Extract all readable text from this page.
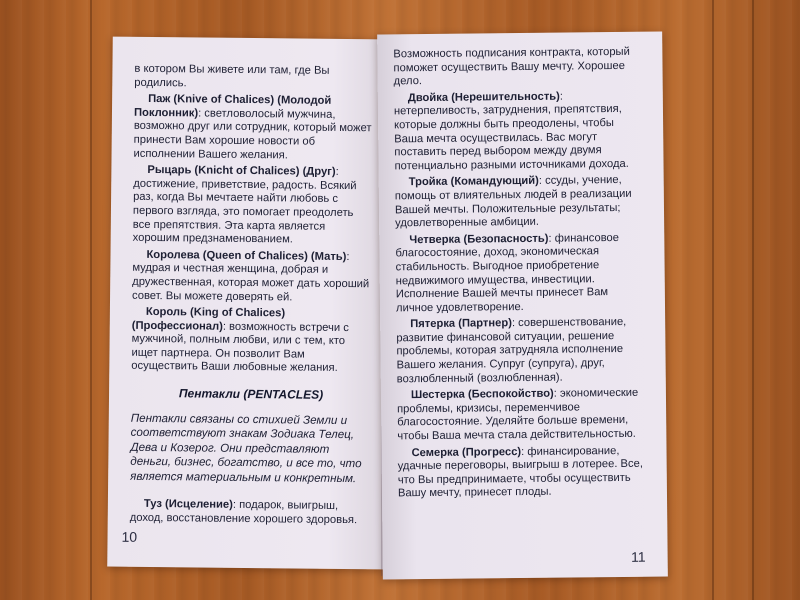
в котором Вы живете или там, где Вы родились.

Паж (Knive of Chalices) (Молодой Поклонник): светловолосый мужчина, возможно друг или сотрудник, который может принести Вам хорошие новости об исполнении Вашего желания.

Рыцарь (Knicht of Chalices) (Друг): достижение, приветствие, радость. Всякий раз, когда Вы мечтаете найти любовь с первого взгляда, это помогает преодолеть все препятствия. Эта карта является хорошим предзнаменованием.

Королева (Queen of Chalices) (Мать): мудрая и честная женщина, добрая и дружественная, которая может дать хороший совет. Вы можете доверять ей.

Король (King of Chalices) (Профессионал): возможность встречи с мужчиной, полным любви, или с тем, кто ищет партнера. Он позволит Вам осуществить Ваши любовные желания.

Пентакли (PENTACLES)

Пентакли связаны со стихией Земли и соответствуют знакам Зодиака Телец, Дева и Козерог. Они представляют деньги, бизнес, богатство, и все то, что является материальным и конкретным.

Туз (Исцеление): подарок, выигрыш, доход, восстановление хорошего здоровья.

10

Возможность подписания контракта, который поможет осуществить Вашу мечту. Хорошее дело.

Двойка (Нерешительность): нетерпеливость, затруднения, препятствия, которые должны быть преодолены, чтобы Ваша мечта осуществилась. Вас могут поставить перед выбором между двумя потенциально разными источниками дохода.

Тройка (Командующий): ссуды, учение, помощь от влиятельных людей в реализации Вашей мечты. Положительные результаты; удовлетворенные амбиции.

Четверка (Безопасность): финансовое благосостояние, доход, экономическая стабильность. Выгодное приобретение недвижимого имущества, инвестиции. Исполнение Вашей мечты принесет Вам личное удовлетворение.

Пятерка (Партнер): совершенствование, развитие финансовой ситуации, решение проблемы, которая затрудняла исполнение Вашего желания. Супруг (супруга), друг, возлюбленный (возлюбленная).

Шестерка (Беспокойство): экономические проблемы, кризисы, переменчивое благосостояние. Уделяйте больше времени, чтобы Ваша мечта стала действительностью.

Семерка (Прогресс): финансирование, удачные переговоры, выигрыш в лотерее. Все, что Вы предпринимаете, чтобы осуществить Вашу мечту, принесет плоды.

11
